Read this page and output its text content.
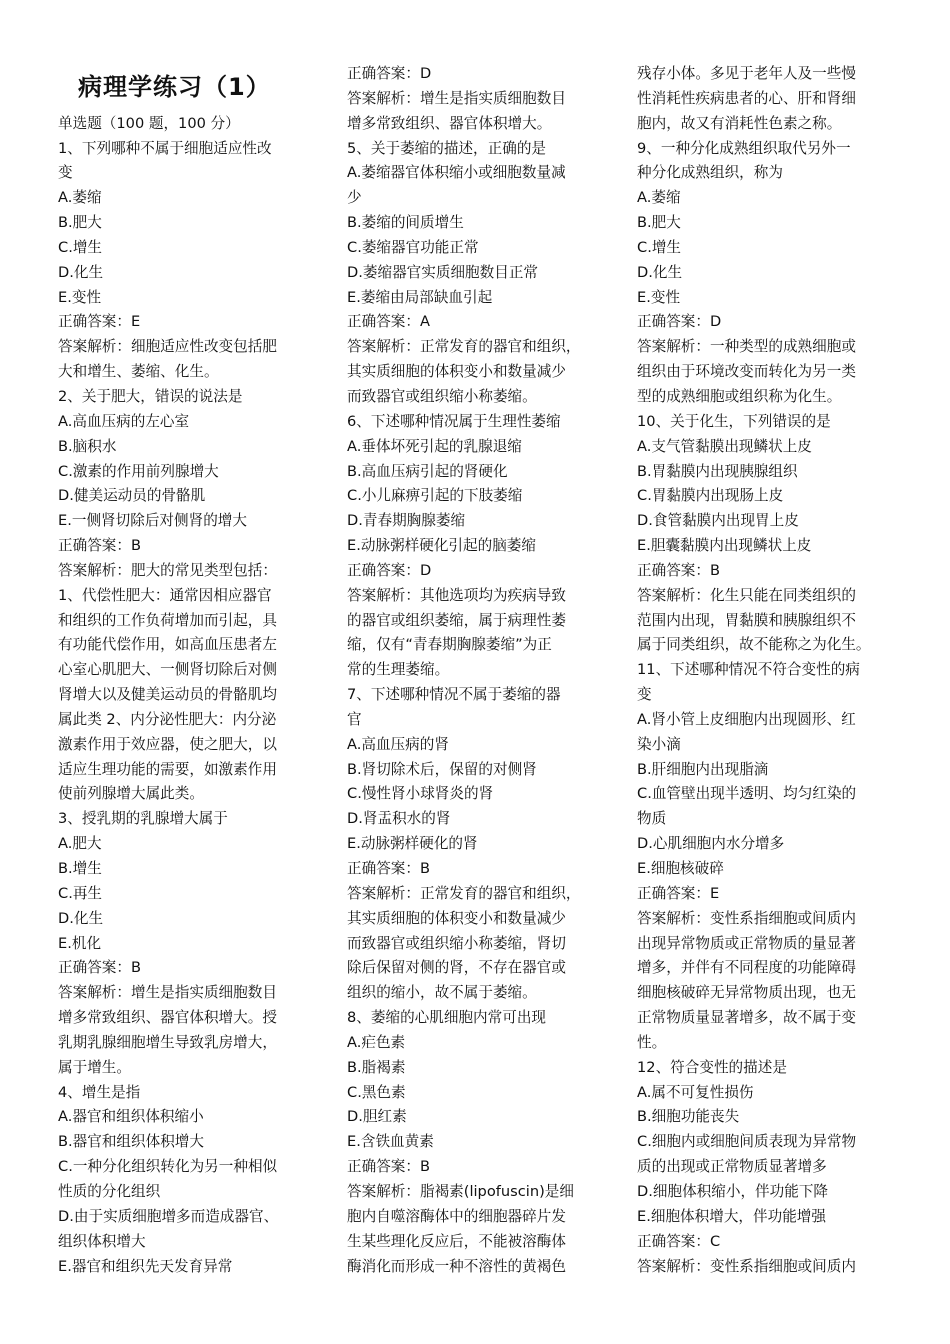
病理学练习（1）
单选题（100 题，100 分）
1、下列哪种不属于细胞适应性改
变
A.萎缩
B.肥大
C.增生
D.化生
E.变性
正确答案：E
答案解析：细胞适应性改变包括肥
大和增生、萎缩、化生。
2、关于肥大，错误的说法是
A.高血压病的左心室
B.脑积水
C.激素的作用前列腺增大
D.健美运动员的骨骼肌
E.一侧肾切除后对侧肾的增大
正确答案：B
答案解析：肥大的常见类型包括：
1、代偿性肥大：通常因相应器官
和组织的工作负荷增加而引起，具
有功能代偿作用，如高血压患者左
心室心肌肥大、一侧肾切除后对侧
肾增大以及健美运动员的骨骼肌均
属此类 2、内分泌性肥大：内分泌
激素作用于效应器，使之肥大，以
适应生理功能的需要，如激素作用
使前列腺增大属此类。
3、授乳期的乳腺增大属于
A.肥大
B.增生
C.再生
D.化生
E.机化
正确答案：B
答案解析：增生是指实质细胞数目
增多常致组织、器官体积增大。授
乳期乳腺细胞增生导致乳房增大，
属于增生。
4、增生是指
A.器官和组织体积缩小
B.器官和组织体积增大
C.一种分化组织转化为另一种相似
性质的分化组织
D.由于实质细胞增多而造成器官、
组织体积增大
E.器官和组织先天发育异常
正确答案：D
答案解析：增生是指实质细胞数目
增多常致组织、器官体积增大。
5、关于萎缩的描述，正确的是
A.萎缩器官体积缩小或细胞数量减
少
B.萎缩的间质增生
C.萎缩器官功能正常
D.萎缩器官实质细胞数目正常
E.萎缩由局部缺血引起
正确答案：A
答案解析：正常发育的器官和组织，
其实质细胞的体积变小和数量减少
而致器官或组织缩小称萎缩。
6、下述哪种情况属于生理性萎缩
A.垂体坏死引起的乳腺退缩
B.高血压病引起的肾硬化
C.小儿麻痹引起的下肢萎缩
D.青春期胸腺萎缩
E.动脉粥样硬化引起的脑萎缩
正确答案：D
答案解析：其他选项均为疾病导致
的器官或组织萎缩，属于病理性萎
缩，仅有“青春期胸腺萎缩”为正
常的生理萎缩。
7、下述哪种情况不属于萎缩的器
官
A.高血压病的肾
B.肾切除术后，保留的对侧肾
C.慢性肾小球肾炎的肾
D.肾盂积水的肾
E.动脉粥样硬化的肾
正确答案：B
答案解析：正常发育的器官和组织，
其实质细胞的体积变小和数量减少
而致器官或组织缩小称萎缩，肾切
除后保留对侧的肾，不存在器官或
组织的缩小，故不属于萎缩。
8、萎缩的心肌细胞内常可出现
A.疟色素
B.脂褐素
C.黑色素
D.胆红素
E.含铁血黄素
正确答案：B
答案解析：脂褐素(lipofuscin)是细
胞内自噬溶酶体中的细胞器碎片发
生某些理化反应后，不能被溶酶体
酶消化而形成一种不溶性的黄褐色
残存小体。多见于老年人及一些慢
性消耗性疾病患者的心、肝和肾细
胞内，故又有消耗性色素之称。
9、一种分化成熟组织取代另外一
种分化成熟组织，称为
A.萎缩
B.肥大
C.增生
D.化生
E.变性
正确答案：D
答案解析：一种类型的成熟细胞或
组织由于环境改变而转化为另一类
型的成熟细胞或组织称为化生。
10、关于化生，下列错误的是
A.支气管黏膜出现鳞状上皮
B.胃黏膜内出现胰腺组织
C.胃黏膜内出现肠上皮
D.食管黏膜内出现胃上皮
E.胆囊黏膜内出现鳞状上皮
正确答案：B
答案解析：化生只能在同类组织的
范围内出现，胃黏膜和胰腺组织不
属于同类组织，故不能称之为化生。
11、下述哪种情况不符合变性的病
变
A.肾小管上皮细胞内出现圆形、红
染小滴
B.肝细胞内出现脂滴
C.血管壁出现半透明、均匀红染的
物质
D.心肌细胞内水分增多
E.细胞核破碎
正确答案：E
答案解析：变性系指细胞或间质内
出现异常物质或正常物质的量显著
增多，并伴有不同程度的功能障碍
细胞核破碎无异常物质出现，也无
正常物质量显著增多，故不属于变
性。
12、符合变性的描述是
A.属不可复性损伤
B.细胞功能丧失
C.细胞内或细胞间质表现为异常物
质的出现或正常物质显著增多
D.细胞体积缩小，伴功能下降
E.细胞体积增大，伴功能增强
正确答案：C
答案解析：变性系指细胞或间质内
